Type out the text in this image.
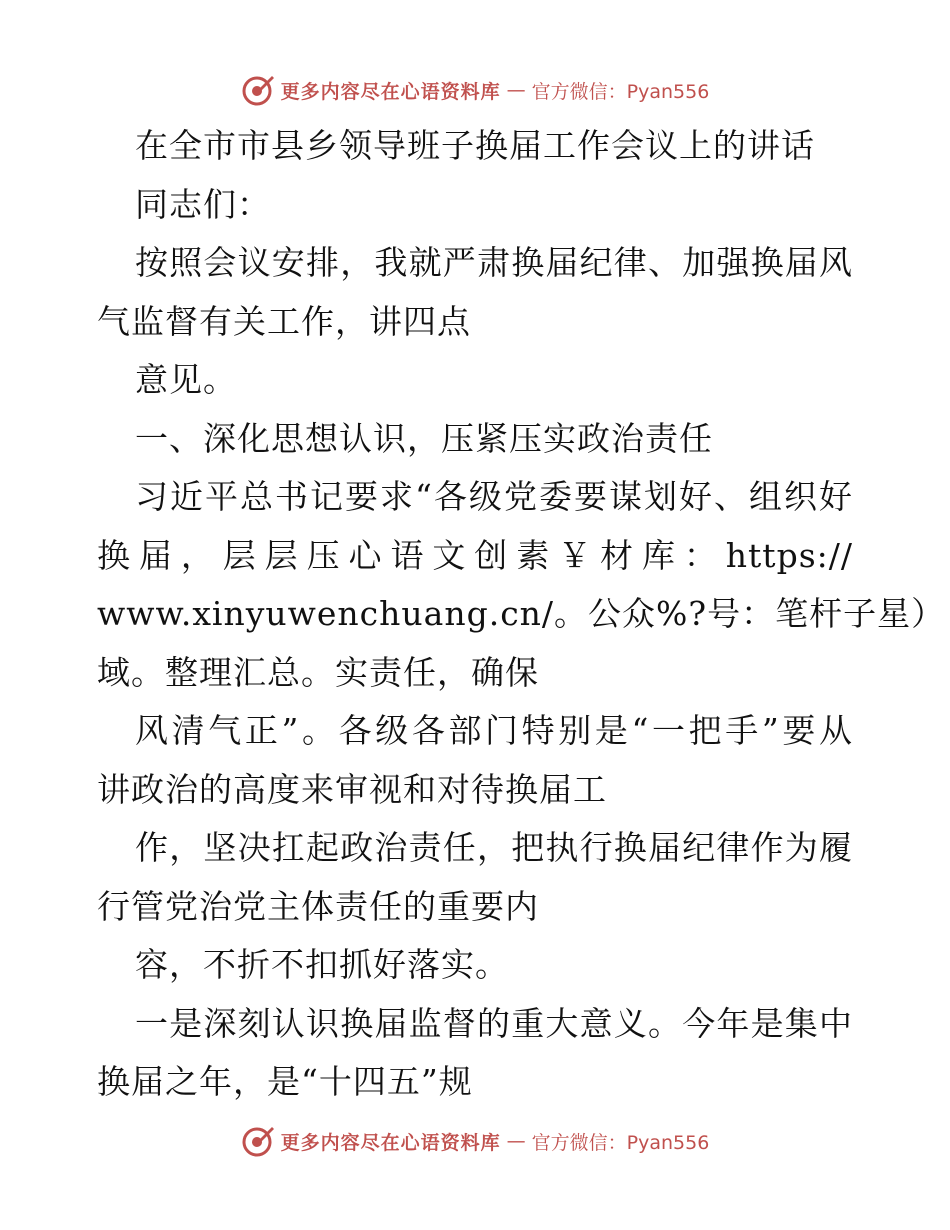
更多内容尽在心语资料库 — 官方微信：Pyan556
在全市市县乡领导班子换届工作会议上的讲话
同志们：
按照会议安排，我就严肃换届纪律、加强换届风
气监督有关工作，讲四点
意见。
一、深化思想认识，压紧压实政治责任
习近平总书记要求“各级党委要谋划好、组织好
换届，层层压心语文创素￥材库：https://
www.xinyuwenchuang.cn/。公众%?号：笔杆子星）
域。整理汇总。实责任，确保
风清气正”。各级各部门特别是“一把手”要从
讲政治的高度来审视和对待换届工
作，坚决扛起政治责任，把执行换届纪律作为履
行管党治党主体责任的重要内
容，不折不扣抓好落实。
一是深刻认识换届监督的重大意义。今年是集中
换届之年，是“十四五”规
更多内容尽在心语资料库 — 官方微信：Pyan556
